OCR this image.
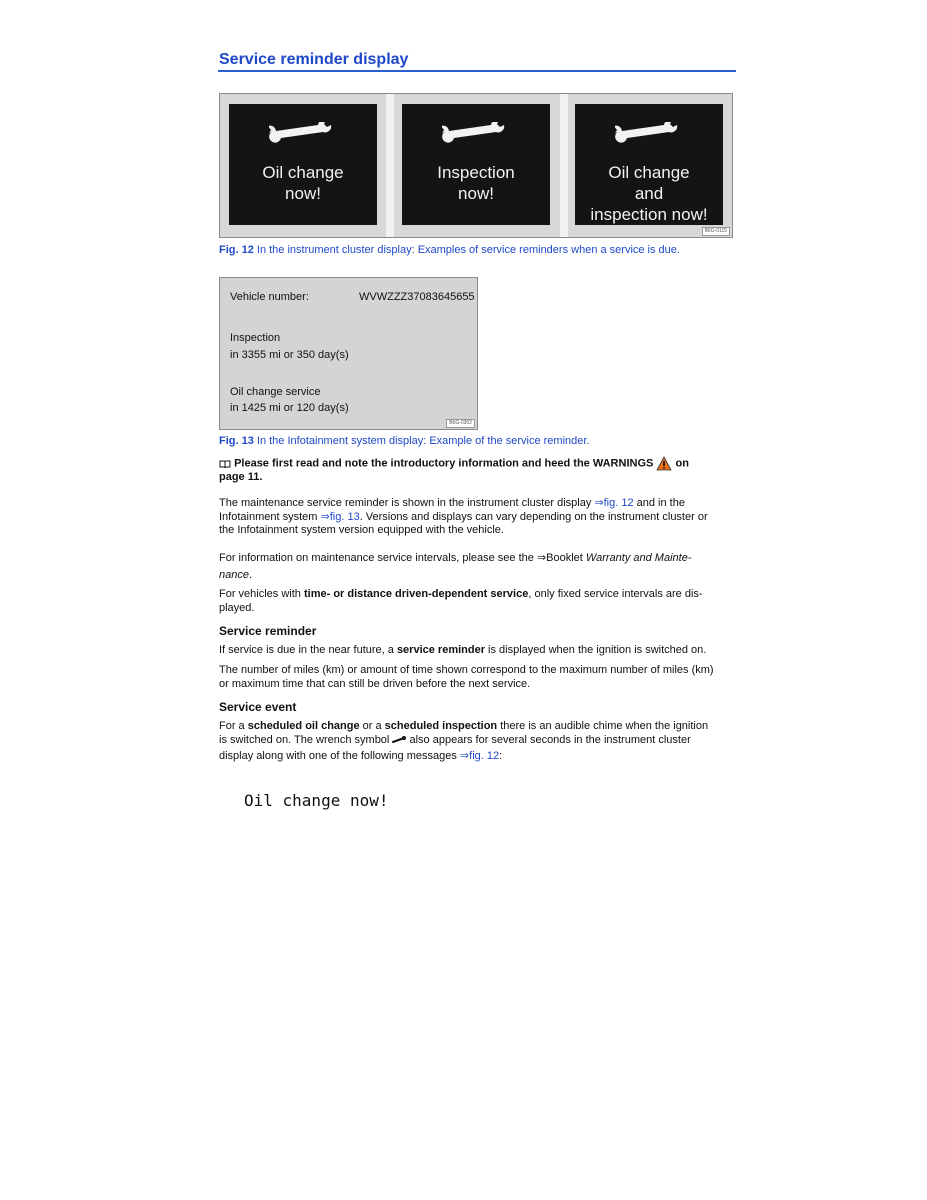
Service reminder display
Oil change
now!
Inspection
now!
Oil change
and
inspection now!
B6G-0115

Fig. 12 In the instrument cluster display: Examples of service reminders when a service is due.

Vehicle number:	WVWZZZ37083645655
Inspection
in 3355 mi or 350 day(s)
Oil change service
in 1425 mi or 120 day(s)
B6G-0302

Fig. 13 In the Infotainment system display: Example of the service reminder.

Please first read and note the introductory information and heed the WARNINGS on
page 11.

The maintenance service reminder is shown in the instrument cluster display ⇒fig. 12 and in the
Infotainment system ⇒fig. 13. Versions and displays can vary depending on the instrument cluster or
the Infotainment system version equipped with the vehicle.

For information on maintenance service intervals, please see the ⇒Booklet Warranty and Mainte-
nance.

For vehicles with time- or distance driven-dependent service, only fixed service intervals are dis-
played.

Service reminder

If service is due in the near future, a service reminder is displayed when the ignition is switched on.

The number of miles (km) or amount of time shown correspond to the maximum number of miles (km)
or maximum time that can still be driven before the next service.

Service event

For a scheduled oil change or a scheduled inspection there is an audible chime when the ignition
is switched on. The wrench symbol  also appears for several seconds in the instrument cluster
display along with one of the following messages ⇒fig. 12:

Oil change now!
